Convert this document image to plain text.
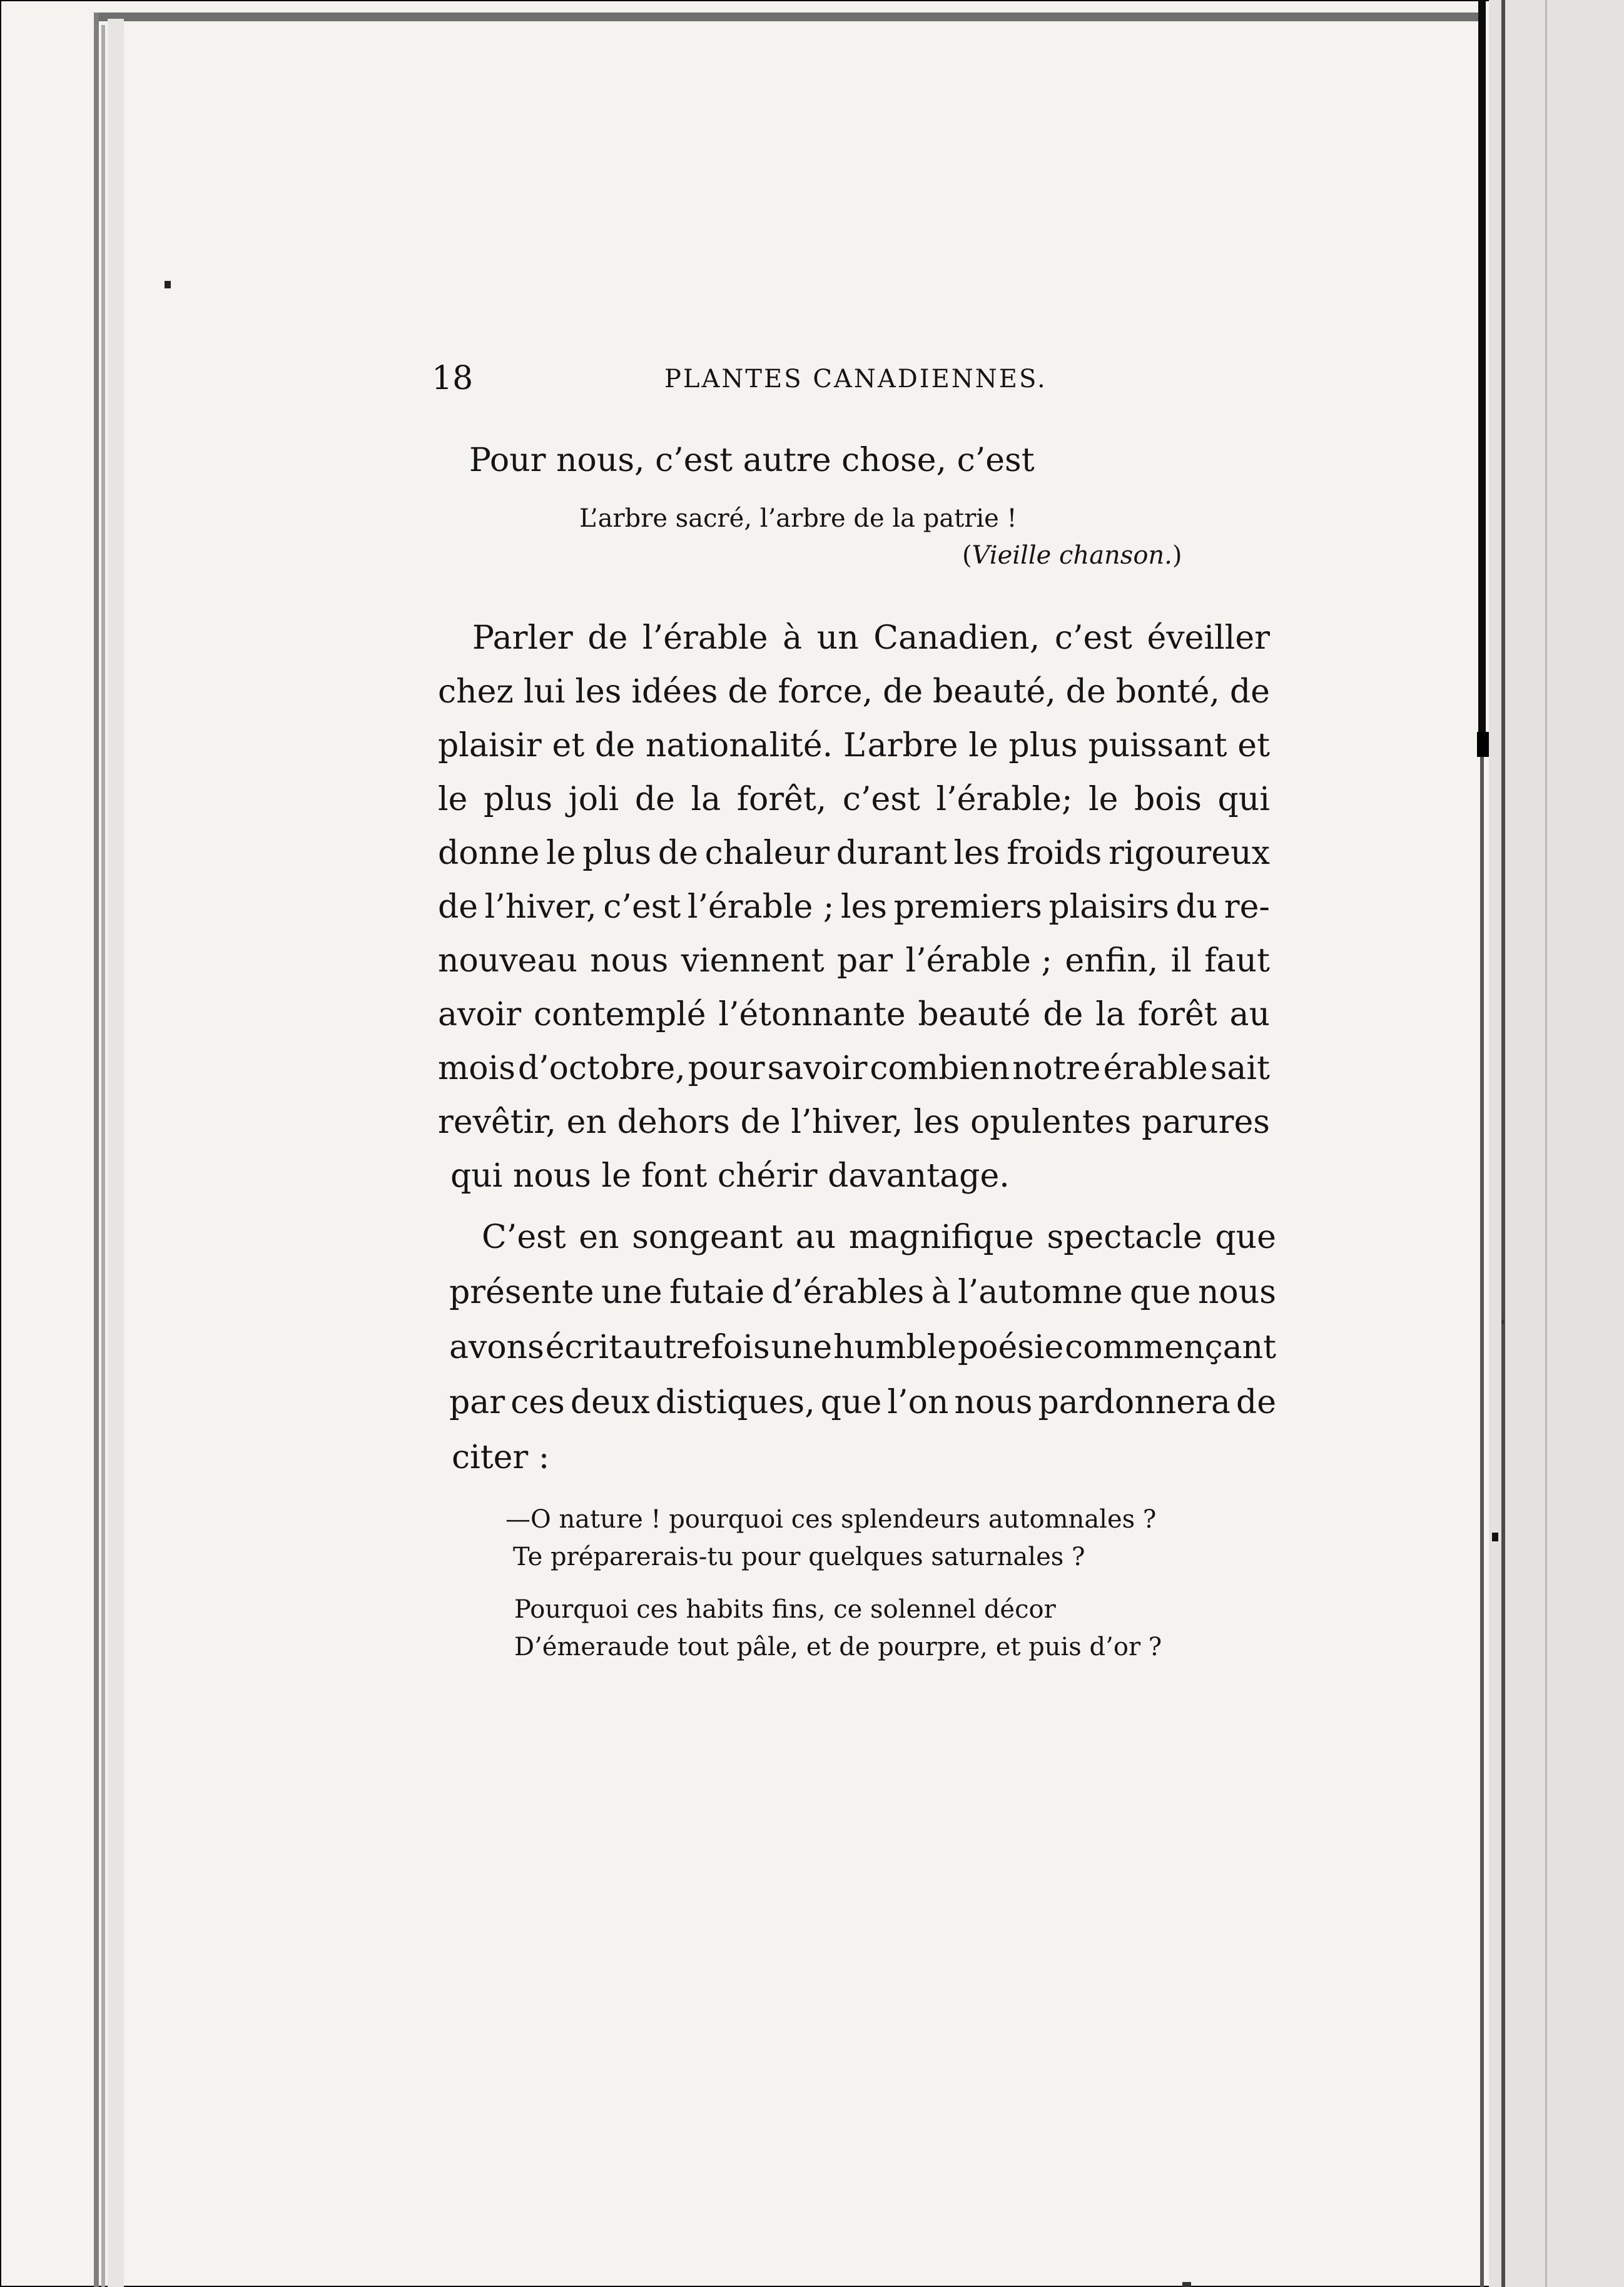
18	PLANTES CANADIENNES.
Pour nous, c’est autre chose, c’est
L’arbre sacré, l’arbre de la patrie !
(Vieille chanson.)
Parler de l’érable à un Canadien, c’est éveiller
chez lui les idées de force, de beauté, de bonté, de
plaisir et de nationalité. L’arbre le plus puissant et
le plus joli de la forêt, c’est l’érable; le bois qui
donne le plus de chaleur durant les froids rigoureux
de l’hiver, c’est l’érable ; les premiers plaisirs du re-
nouveau nous viennent par l’érable ; enfin, il faut
avoir contemplé l’étonnante beauté de la forêt au
mois d’octobre, pour savoir combien notre érable sait
revêtir, en dehors de l’hiver, les opulentes parures
qui nous le font chérir davantage.
C’est en songeant au magnifique spectacle que
présente une futaie d’érables à l’automne que nous
avons écrit autrefois une humble poésie commençant
par ces deux distiques, que l’on nous pardonnera de
citer :
—O nature ! pourquoi ces splendeurs automnales ?
Te préparerais-tu pour quelques saturnales ?
Pourquoi ces habits fins, ce solennel décor
D’émeraude tout pâle, et de pourpre, et puis d’or ?
